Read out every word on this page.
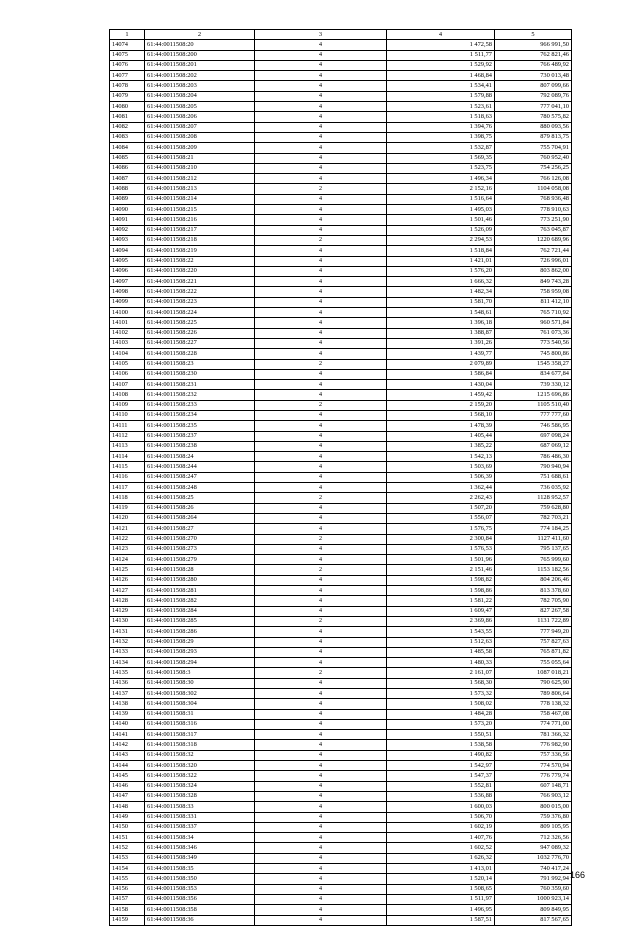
1	2	3	4	5
14074	61:44:0011508:20	4	1 472,58	966 991,50
14075	61:44:0011508:200	4	1 511,77	762 821,46
14076	61:44:0011508:201	4	1 529,92	766 489,92
14077	61:44:0011508:202	4	1 468,84	730 013,48
14078	61:44:0011508:203	4	1 534,41	807 099,66
14079	61:44:0011508:204	4	1 579,88	792 089,76
14080	61:44:0011508:205	4	1 523,61	777 041,10
14081	61:44:0011508:206	4	1 518,63	780 575,82
14082	61:44:0011508:207	4	1 394,76	880 093,56
14083	61:44:0011508:208	4	1 398,75	879 813,75
14084	61:44:0011508:209	4	1 532,87	755 704,91
14085	61:44:0011508:21	4	1 569,35	760 952,40
14086	61:44:0011508:210	4	1 523,75	754 256,25
14087	61:44:0011508:212	4	1 496,34	766 126,08
14088	61:44:0011508:213	2	2 152,16	1104 058,08
14089	61:44:0011508:214	4	1 516,64	768 936,48
14090	61:44:0011508:215	4	1 495,03	778 910,63
14091	61:44:0011508:216	4	1 501,46	773 251,90
14092	61:44:0011508:217	4	1 526,09	763 045,87
14093	61:44:0011508:218	2	2 294,53	1220 689,96
14094	61:44:0011508:219	4	1 518,84	762 721,44
14095	61:44:0011508:22	4	1 421,01	726 996,01
14096	61:44:0011508:220	4	1 576,20	803 862,00
14097	61:44:0011508:221	4	1 666,32	849 743,28
14098	61:44:0011508:222	4	1 482,34	758 959,08
14099	61:44:0011508:223	4	1 581,70	811 412,10
14100	61:44:0011508:224	4	1 548,61	765 710,92
14101	61:44:0011508:225	4	1 396,18	960 571,84
14102	61:44:0011508:226	4	1 388,87	761 073,36
14103	61:44:0011508:227	4	1 391,26	773 540,56
14104	61:44:0011508:228	4	1 439,77	745 800,86
14105	61:44:0011508:23	2	2 079,89	1545 358,27
14106	61:44:0011508:230	4	1 586,84	834 677,84
14107	61:44:0011508:231	4	1 430,04	739 330,12
14108	61:44:0011508:232	4	1 459,42	1215 696,86
14109	61:44:0011508:233	2	2 159,20	1105 510,40
14110	61:44:0011508:234	4	1 568,10	777 777,60
14111	61:44:0011508:235	4	1 478,39	746 586,95
14112	61:44:0011508:237	4	1 405,44	697 098,24
14113	61:44:0011508:238	4	1 385,22	687 069,12
14114	61:44:0011508:24	4	1 542,13	786 486,30
14115	61:44:0011508:244	4	1 503,69	790 940,94
14116	61:44:0011508:247	4	1 506,39	751 688,61
14117	61:44:0011508:248	4	1 362,44	736 035,92
14118	61:44:0011508:25	2	2 262,43	1128 952,57
14119	61:44:0011508:26	4	1 507,20	759 628,80
14120	61:44:0011508:264	4	1 556,07	782 703,21
14121	61:44:0011508:27	4	1 576,75	774 184,25
14122	61:44:0011508:270	2	2 300,84	1127 411,60
14123	61:44:0011508:273	4	1 576,53	795 137,65
14124	61:44:0011508:279	4	1 501,96	765 999,60
14125	61:44:0011508:28	2	2 151,46	1153 182,56
14126	61:44:0011508:280	4	1 598,82	804 206,46
14127	61:44:0011508:281	4	1 598,86	813 378,60
14128	61:44:0011508:282	4	1 581,22	782 705,90
14129	61:44:0011508:284	4	1 609,47	827 267,58
14130	61:44:0011508:285	2	2 369,86	1131 722,89
14131	61:44:0011508:286	4	1 543,55	777 949,20
14132	61:44:0011508:29	4	1 512,63	757 827,63
14133	61:44:0011508:293	4	1 485,58	765 871,82
14134	61:44:0011508:294	4	1 480,33	755 055,64
14135	61:44:0011508:3	2	2 161,07	1087 018,21
14136	61:44:0011508:30	4	1 568,30	790 625,90
14137	61:44:0011508:302	4	1 573,32	789 806,64
14138	61:44:0011508:304	4	1 508,02	778 138,32
14139	61:44:0011508:31	4	1 484,28	758 467,08
14140	61:44:0011508:316	4	1 573,20	774 771,00
14141	61:44:0011508:317	4	1 550,51	781 366,32
14142	61:44:0011508:318	4	1 538,58	776 982,90
14143	61:44:0011508:32	4	1 490,82	757 336,56
14144	61:44:0011508:320	4	1 542,97	774 570,94
14145	61:44:0011508:322	4	1 547,37	776 779,74
14146	61:44:0011508:324	4	1 552,81	607 148,71
14147	61:44:0011508:328	4	1 536,88	766 903,12
14148	61:44:0011508:33	4	1 600,03	800 015,00
14149	61:44:0011508:331	4	1 506,70	759 376,80
14150	61:44:0011508:337	4	1 602,19	809 105,95
14151	61:44:0011508:34	4	1 407,76	712 326,56
14152	61:44:0011508:346	4	1 602,52	947 089,32
14153	61:44:0011508:349	4	1 626,32	1032 776,70
14154	61:44:0011508:35	4	1 413,01	740 417,24
14155	61:44:0011508:350	4	1 520,14	791 992,94
14156	61:44:0011508:353	4	1 508,65	760 359,60
14157	61:44:0011508:356	4	1 511,97	1000 923,14
14158	61:44:0011508:358	4	1 496,95	809 849,95
14159	61:44:0011508:36	4	1 587,51	817 567,65
166
